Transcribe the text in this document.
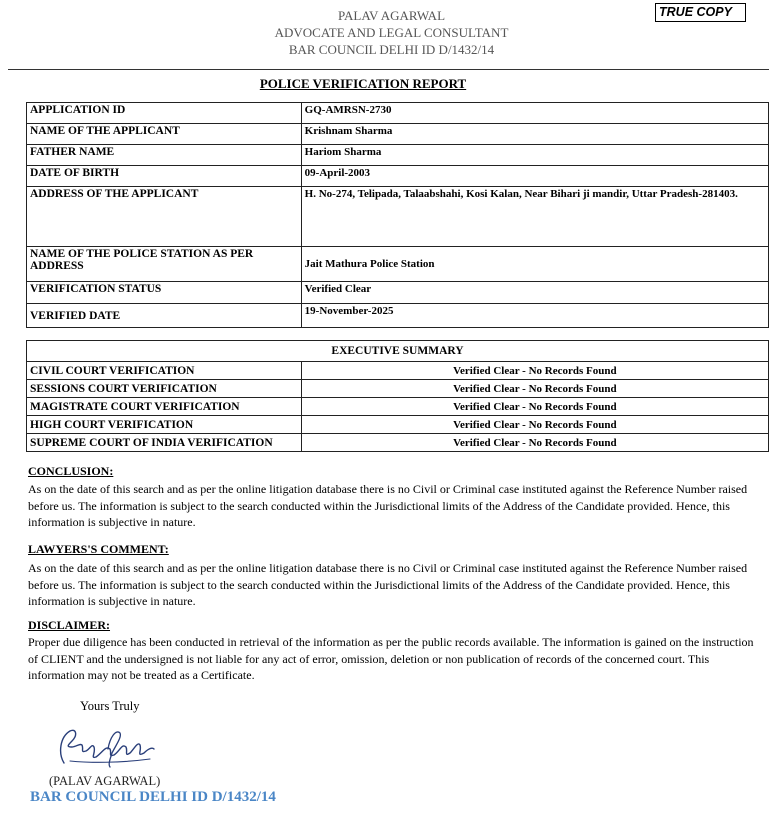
PALAV AGARWAL
ADVOCATE AND LEGAL CONSULTANT
BAR COUNCIL DELHI ID D/1432/14
TRUE COPY
POLICE VERIFICATION REPORT
APPLICATION ID	GQ-AMRSN-2730
NAME OF THE APPLICANT	Krishnam Sharma
FATHER NAME	Hariom Sharma
DATE OF BIRTH	09-April-2003
ADDRESS OF THE APPLICANT	H. No-274, Telipada, Talaabshahi, Kosi Kalan, Near Bihari ji mandir, Uttar Pradesh-281403.
NAME OF THE POLICE STATION AS PER ADDRESS	Jait Mathura Police Station
VERIFICATION STATUS	Verified Clear
VERIFIED DATE	19-November-2025
EXECUTIVE SUMMARY	
CIVIL COURT VERIFICATION	Verified Clear - No Records Found
SESSIONS COURT VERIFICATION	Verified Clear - No Records Found
MAGISTRATE COURT VERIFICATION	Verified Clear - No Records Found
HIGH COURT VERIFICATION	Verified Clear - No Records Found
SUPREME COURT OF INDIA VERIFICATION	Verified Clear - No Records Found
CONCLUSION:
As on the date of this search and as per the online litigation database there is no Civil or Criminal case instituted against the Reference Number raised before us. The information is subject to the search conducted within the Jurisdictional limits of the Address of the Candidate provided. Hence, this information is subjective in nature.
LAWYERS'S COMMENT:
As on the date of this search and as per the online litigation database there is no Civil or Criminal case instituted against the Reference Number raised before us. The information is subject to the search conducted within the Jurisdictional limits of the Address of the Candidate provided. Hence, this information is subjective in nature.
DISCLAIMER:
Proper due diligence has been conducted in retrieval of the information as per the public records available. The information is gained on the instruction of CLIENT and the undersigned is not liable for any act of error, omission, deletion or non publication of records of the concerned court. This information may not be treated as a Certificate.
Yours Truly
(PALAV AGARWAL)
BAR COUNCIL DELHI ID D/1432/14
